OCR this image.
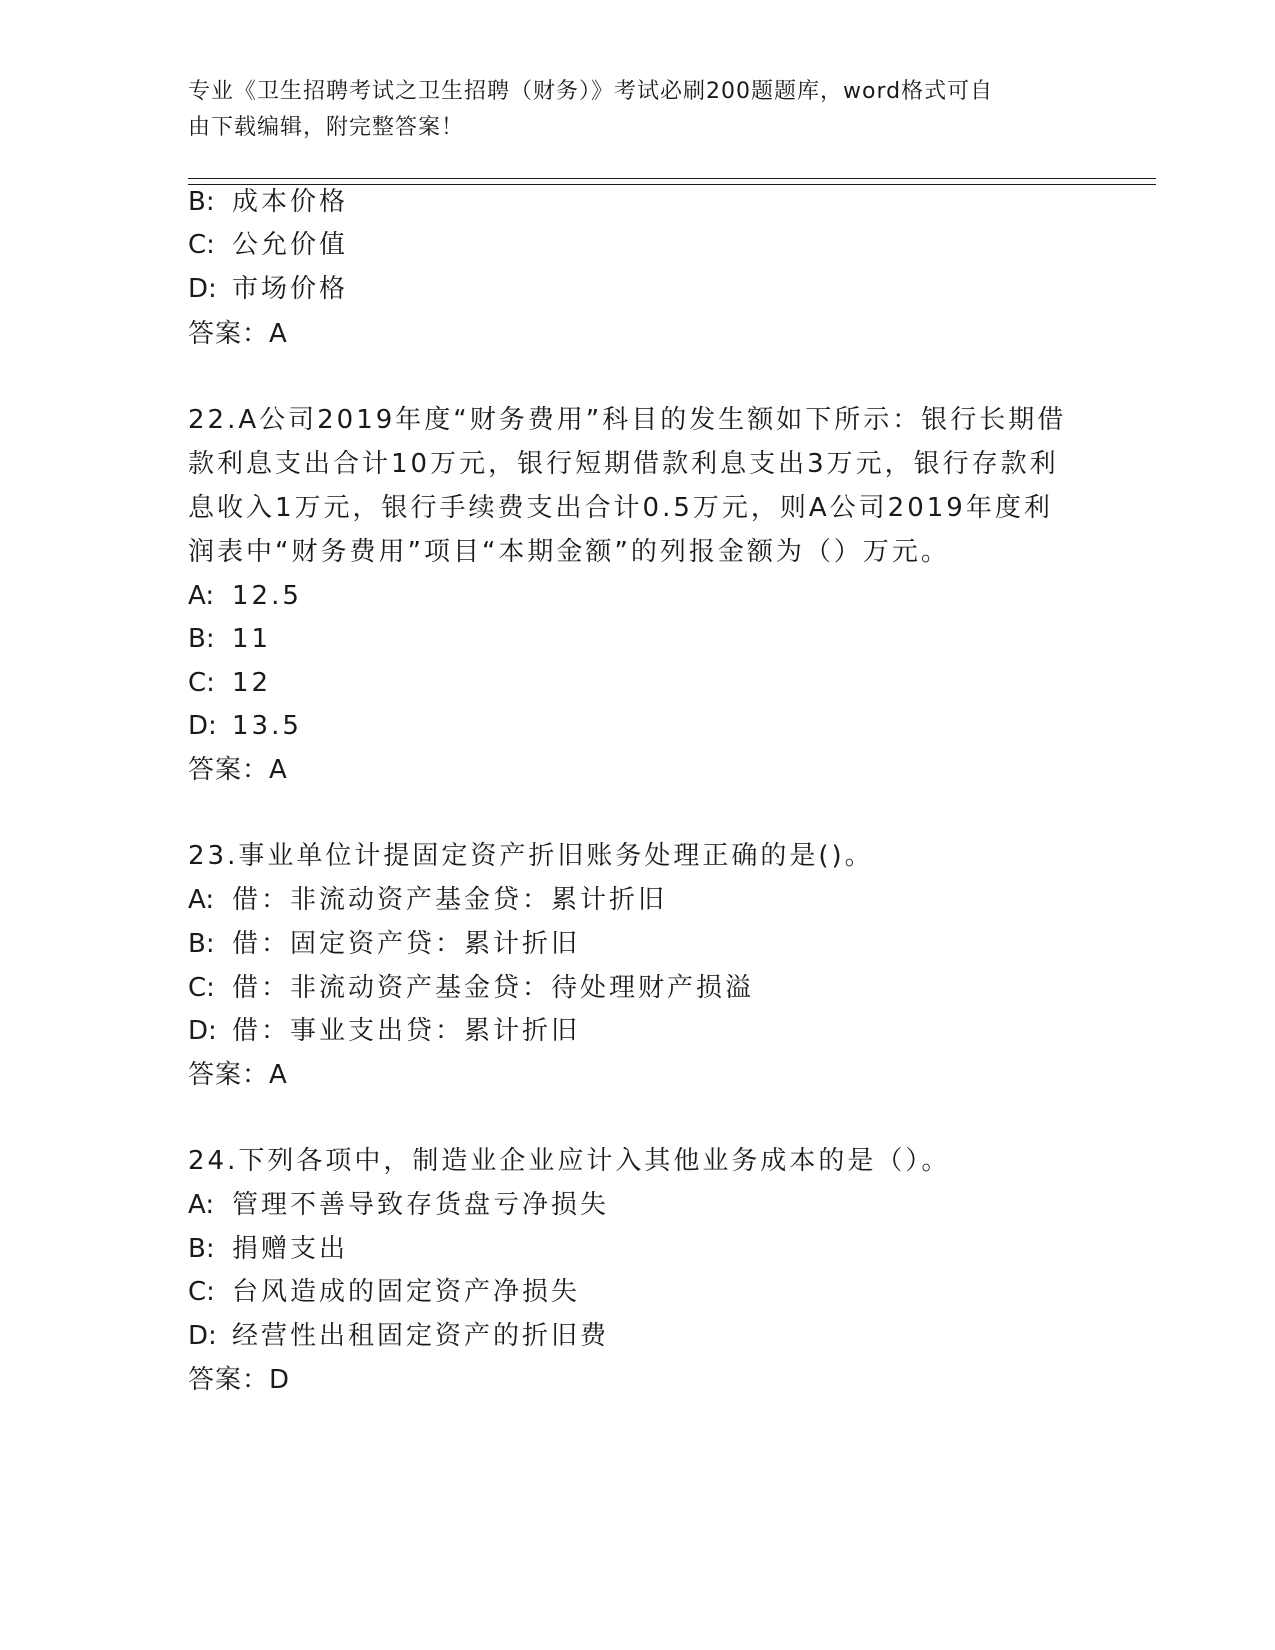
专业《卫生招聘考试之卫生招聘（财务）》考试必刷200题题库，word格式可自
由下载编辑，附完整答案！
B: 成本价格
C: 公允价值
D: 市场价格
答案：A
22.A公司2019年度“财务费用”科目的发生额如下所示：银行长期借
款利息支出合计10万元，银行短期借款利息支出3万元，银行存款利
息收入1万元，银行手续费支出合计0.5万元，则A公司2019年度利
润表中“财务费用”项目“本期金额”的列报金额为（）万元。
A: 12.5
B: 11
C: 12
D: 13.5
答案：A
23.事业单位计提固定资产折旧账务处理正确的是()。
A: 借：非流动资产基金贷：累计折旧
B: 借：固定资产贷：累计折旧
C: 借：非流动资产基金贷：待处理财产损溢
D: 借：事业支出贷：累计折旧
答案：A
24.下列各项中，制造业企业应计入其他业务成本的是（）。
A: 管理不善导致存货盘亏净损失
B: 捐赠支出
C: 台风造成的固定资产净损失
D: 经营性出租固定资产的折旧费
答案：D
